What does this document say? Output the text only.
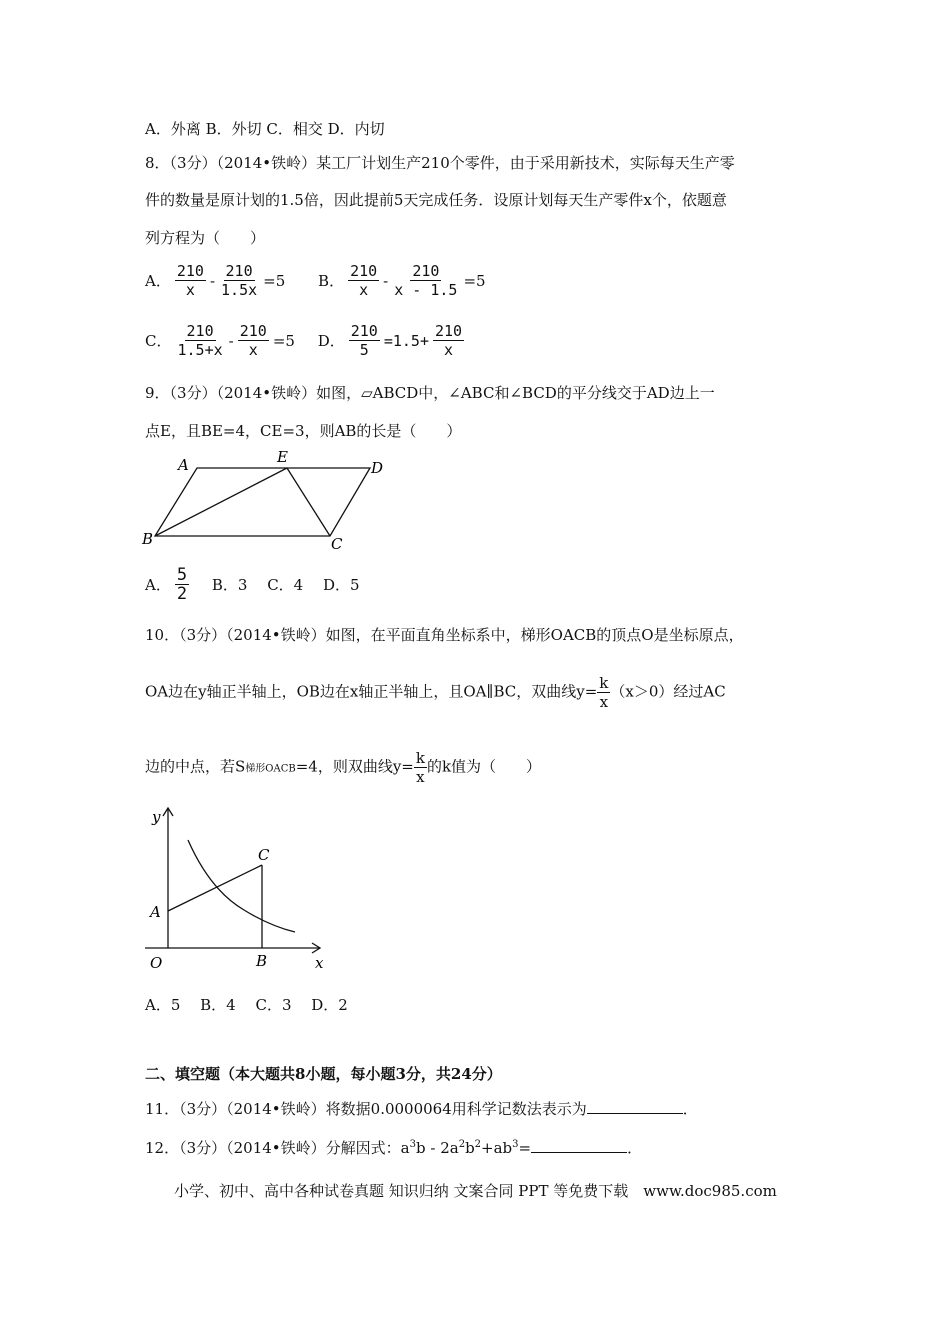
A．外离 B．外切 C．相交 D．内切
8．（3分）（2014•铁岭）某工厂计划生产210个零件，由于采用新技术，实际每天生产零
件的数量是原计划的1.5倍，因此提前5天完成任务．设原计划每天生产零件x个，依题意
列方程为（　　）
A． $\frac{210}{x} - \frac{210}{1.5x} =5$
B． $\frac{210}{x} - \frac{210}{x - 1.5} =5$
C． $\frac{210}{1.5+x} - \frac{210}{x} =5$
D． $\frac{210}{5} =1.5+ \frac{210}{x}$
9．（3分）（2014•铁岭）如图，▱ABCD中，∠ABC和∠BCD的平分线交于AD边上一
点E，且BE=4，CE=3，则AB的长是（　　）
A	E
D
B	C
A． $\frac{5}{2}$ B．3　 C．4　 D．5
10．（3分）（2014•铁岭）如图，在平面直角坐标系中，梯形OACB的顶点O是坐标原点，
OA边在y轴正半轴上，OB边在x轴正半轴上，且OA∥BC，双曲线$y= \frac{k}{x} (x>0)$经过AC
边的中点，若S梯形OACB=4，则双曲线$y= \frac{k}{x}$ 的k值为（　　）
y
x
O
A
B
C
A．5　 B．4　 C．3　 D．2
二、填空题（本大题共8小题，每小题3分，共24分）
11．（3分）（2014•铁岭）将数据0.0000064用科学记数法表示为	．
12．（3分）（2014•铁岭）分解因式：$a^3b - 2a^2b^2+ab^3=$	．
小学、初中、高中各种试卷真题 知识归纳 文案合同 PPT 等免费下载　www.doc985.com
